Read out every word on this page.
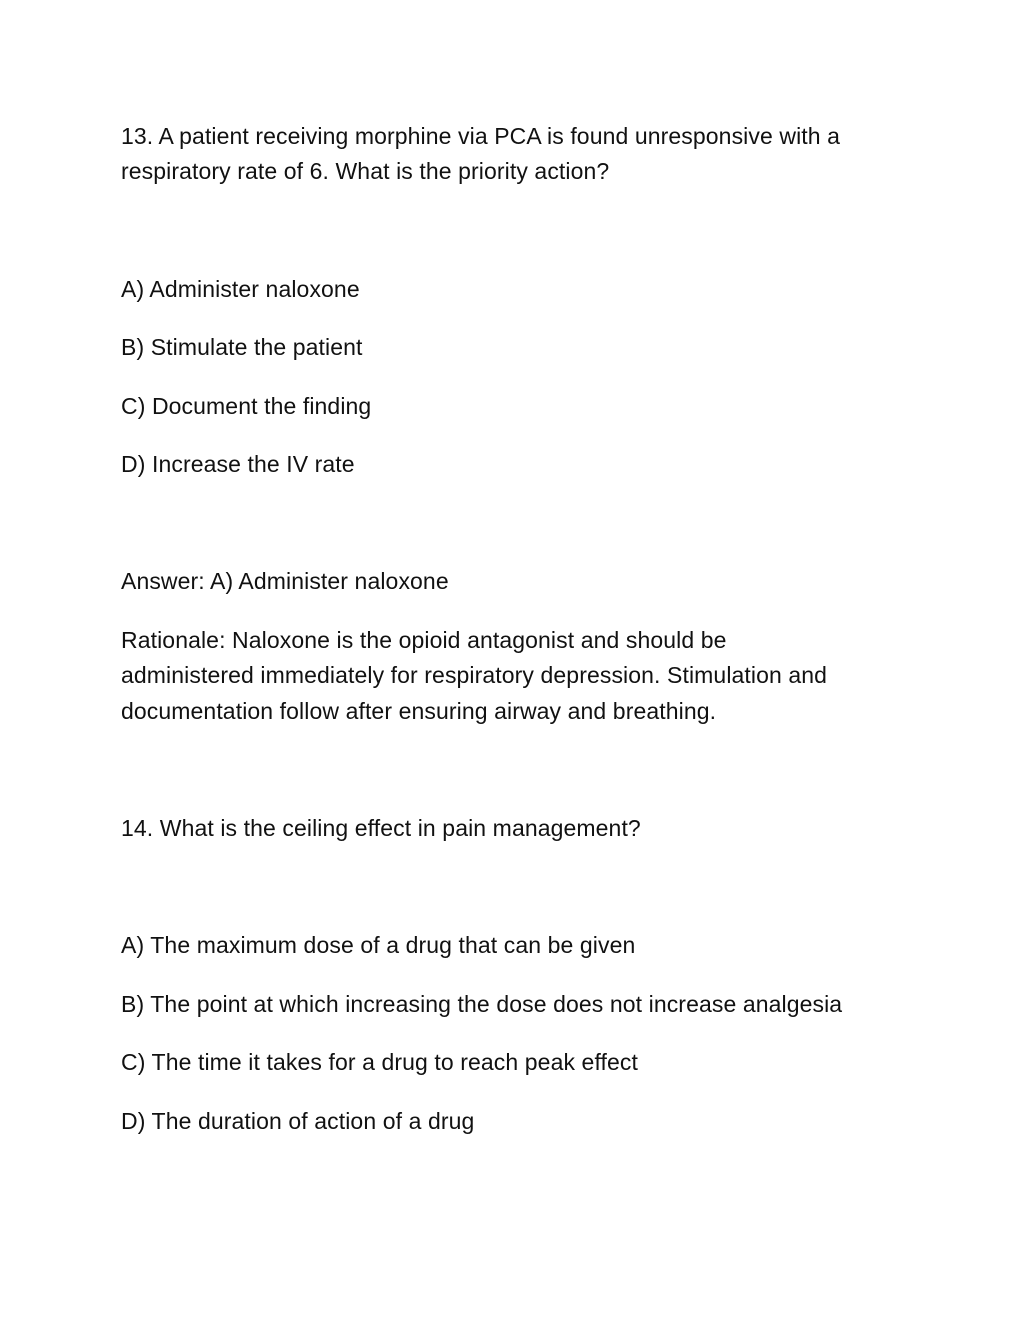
13. A patient receiving morphine via PCA is found unresponsive with a
respiratory rate of 6. What is the priority action?
A) Administer naloxone
B) Stimulate the patient
C) Document the finding
D) Increase the IV rate
Answer: A) Administer naloxone
Rationale: Naloxone is the opioid antagonist and should be
administered immediately for respiratory depression. Stimulation and
documentation follow after ensuring airway and breathing.
14. What is the ceiling effect in pain management?
A) The maximum dose of a drug that can be given
B) The point at which increasing the dose does not increase analgesia
C) The time it takes for a drug to reach peak effect
D) The duration of action of a drug
